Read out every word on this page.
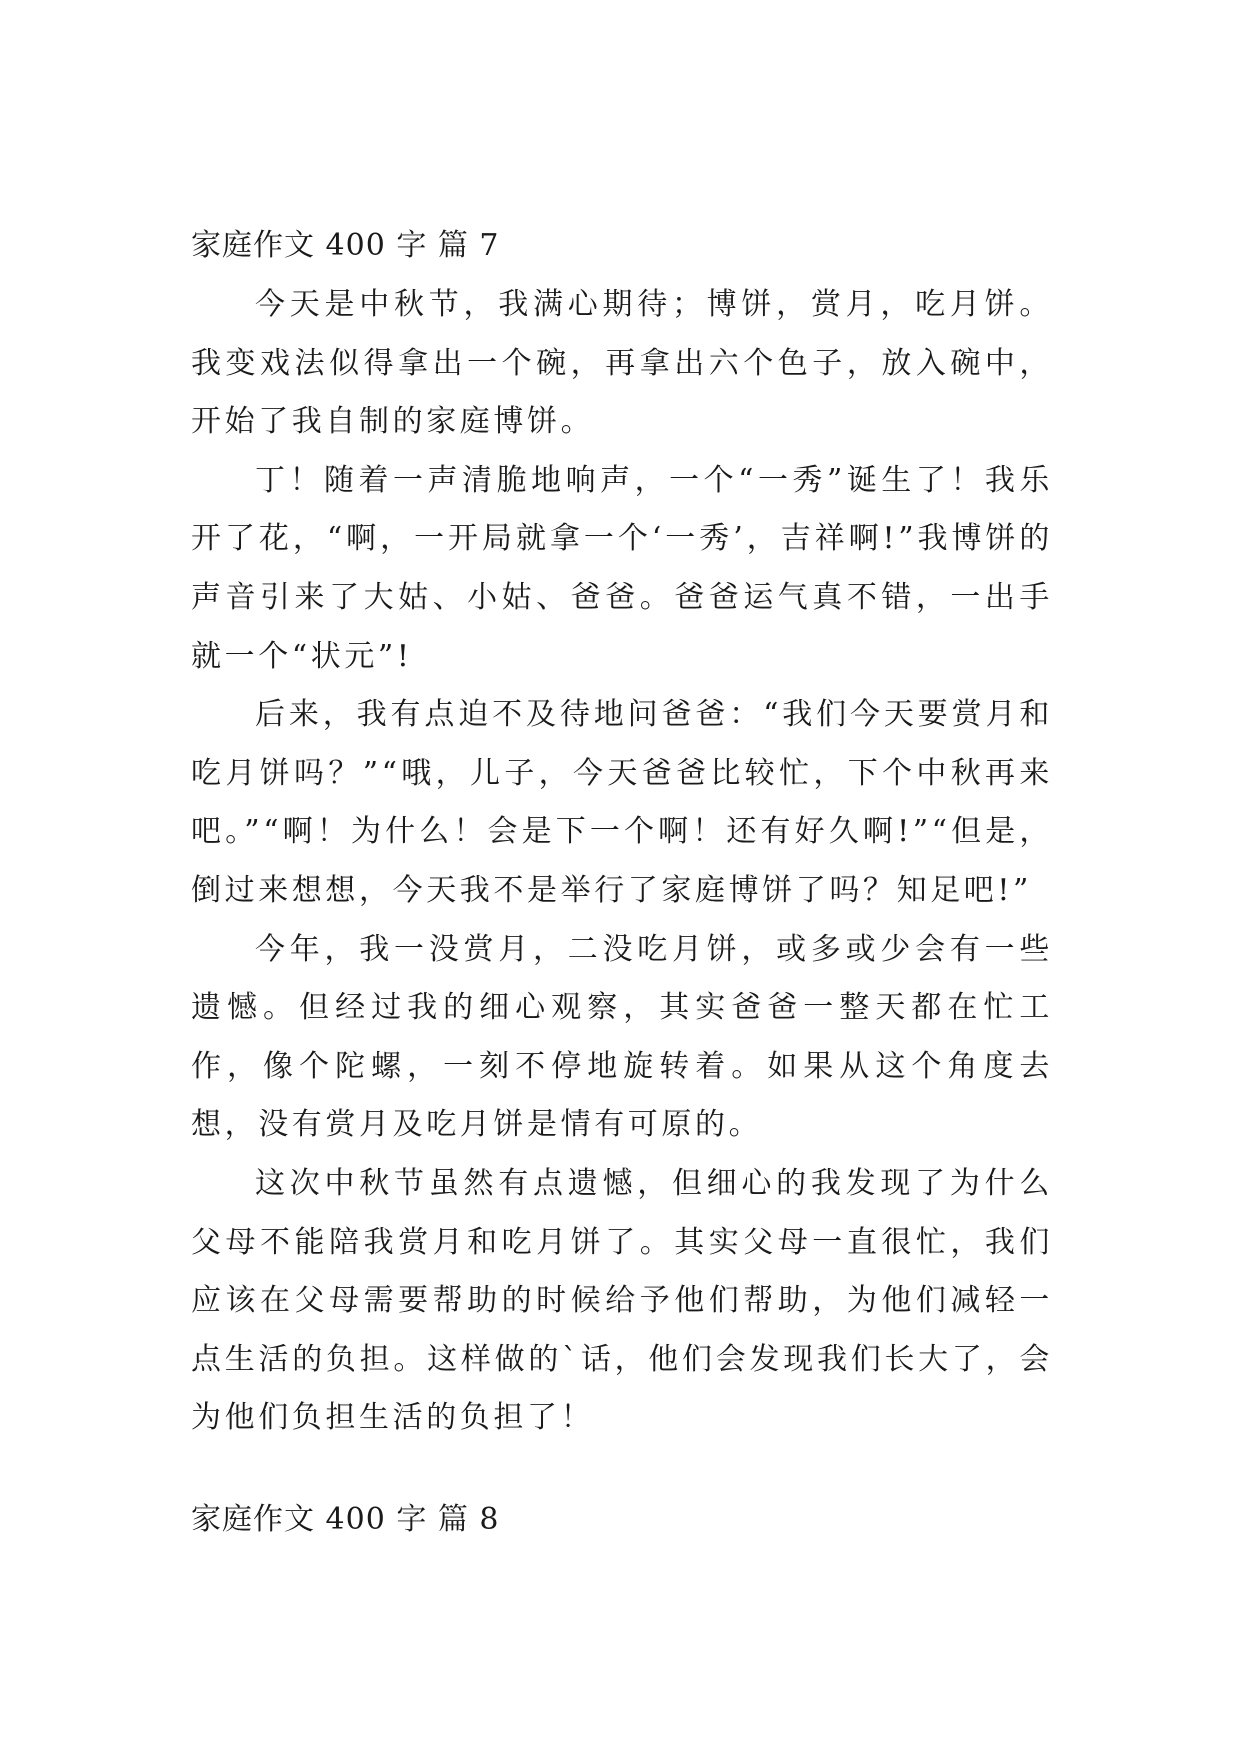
家庭作文 400 字 篇 7

今天是中秋节，我满心期待；博饼，赏月，吃月饼。我变戏法似得拿出一个碗，再拿出六个色子，放入碗中，开始了我自制的家庭博饼。

丁！随着一声清脆地响声，一个“一秀”诞生了！我乐开了花，“啊，一开局就拿一个‘一秀’，吉祥啊!”我博饼的声音引来了大姑、小姑、爸爸。爸爸运气真不错，一出手就一个“状元”!

后来，我有点迫不及待地问爸爸：“我们今天要赏月和吃月饼吗？”“哦，儿子，今天爸爸比较忙，下个中秋再来吧。”“啊！为什么！会是下一个啊！还有好久啊!”“但是，倒过来想想，今天我不是举行了家庭博饼了吗？知足吧!”

今年，我一没赏月，二没吃月饼，或多或少会有一些遗憾。但经过我的细心观察，其实爸爸一整天都在忙工作，像个陀螺，一刻不停地旋转着。如果从这个角度去想，没有赏月及吃月饼是情有可原的。

这次中秋节虽然有点遗憾，但细心的我发现了为什么父母不能陪我赏月和吃月饼了。其实父母一直很忙，我们应该在父母需要帮助的时候给予他们帮助，为他们减轻一点生活的负担。这样做的`话，他们会发现我们长大了，会为他们负担生活的负担了！

家庭作文 400 字 篇 8
